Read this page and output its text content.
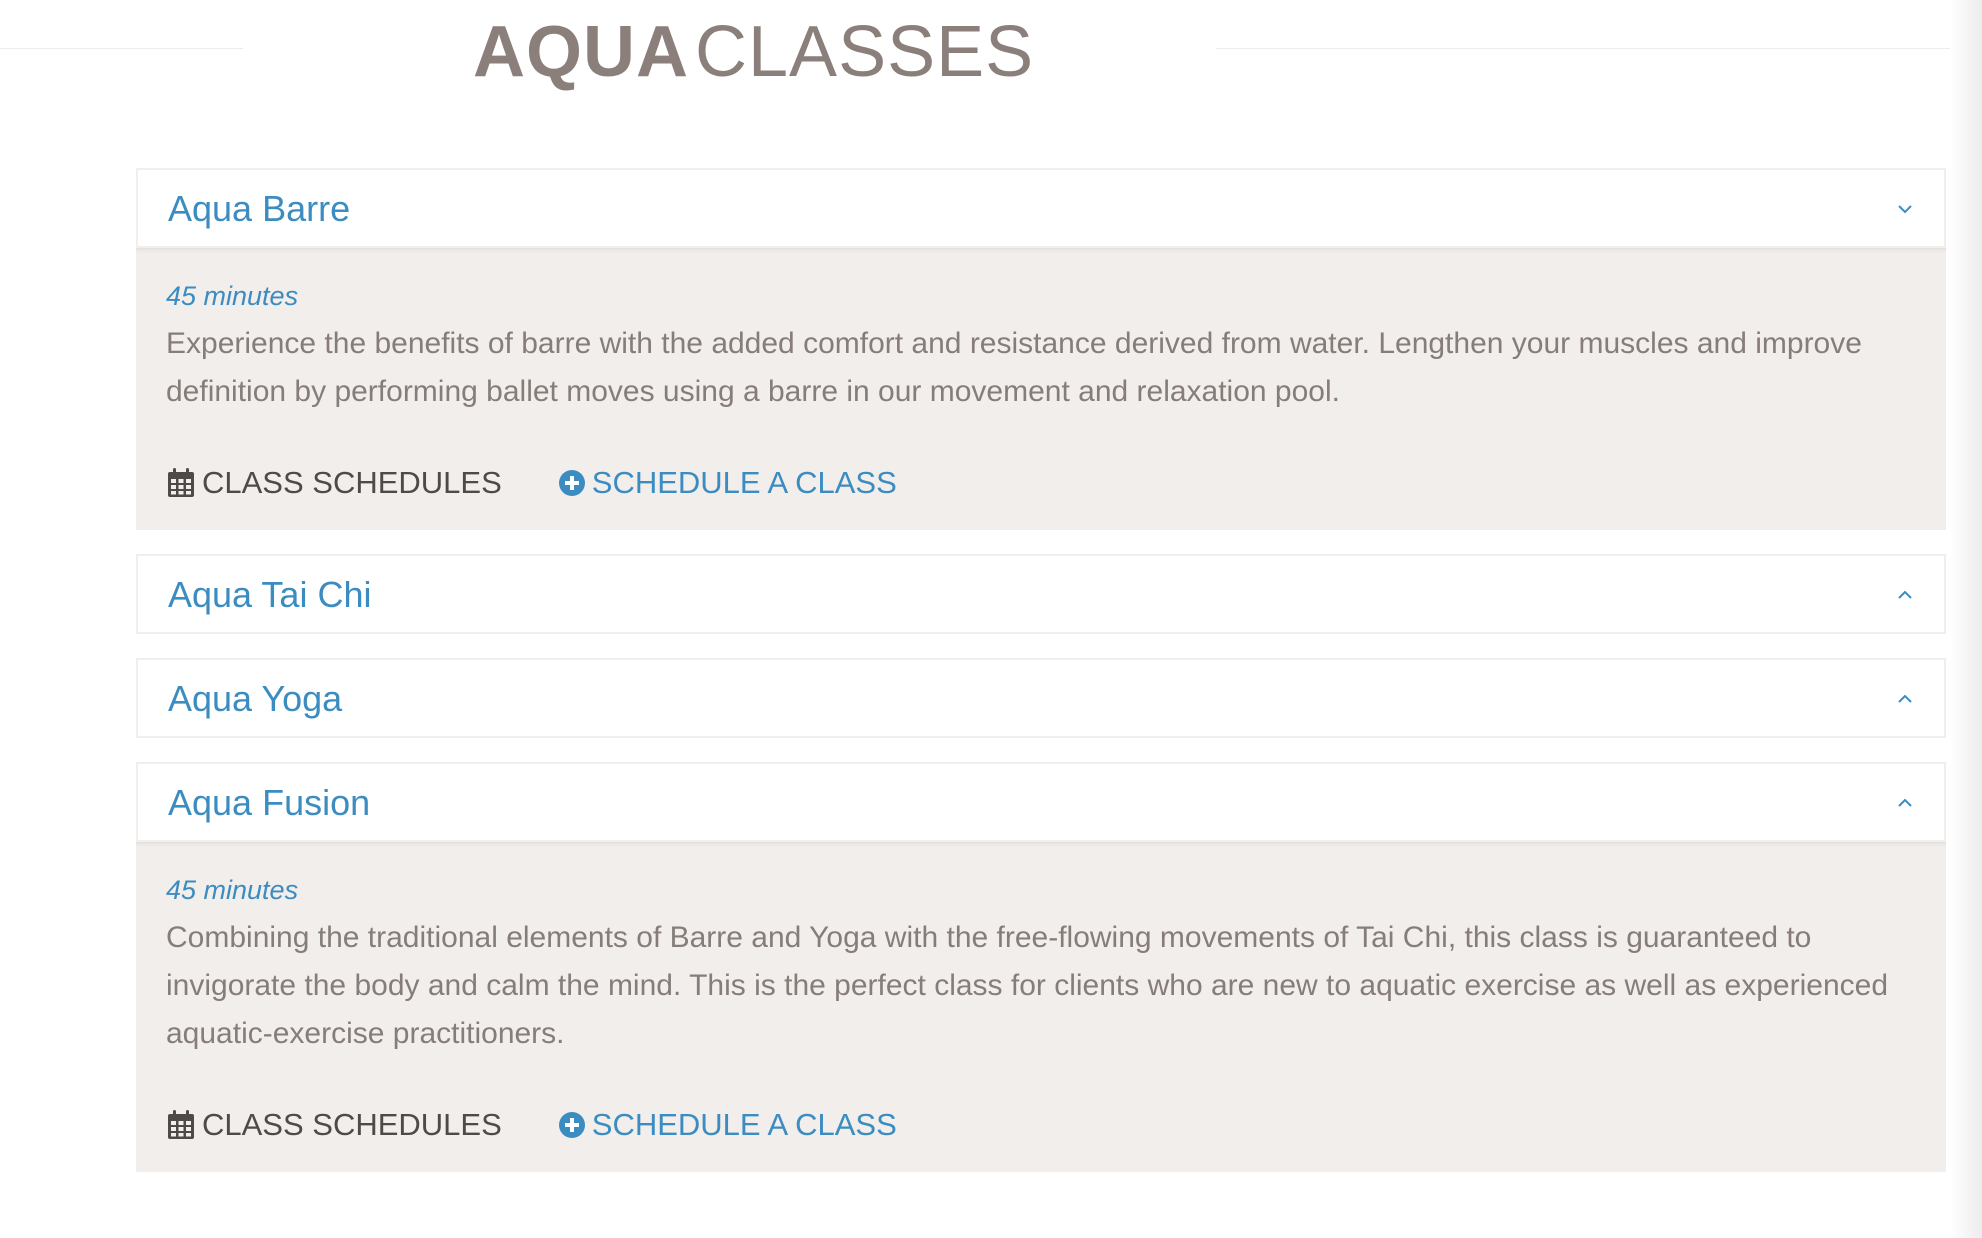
AQUACLASSES
Aqua Barre
45 minutes
Experience the benefits of barre with the added comfort and resistance derived from water. Lengthen your muscles and improve definition by performing ballet moves using a barre in our movement and relaxation pool.
CLASS SCHEDULES	SCHEDULE A CLASS
Aqua Tai Chi
Aqua Yoga
Aqua Fusion
45 minutes
Combining the traditional elements of Barre and Yoga with the free-flowing movements of Tai Chi, this class is guaranteed to invigorate the body and calm the mind. This is the perfect class for clients who are new to aquatic exercise as well as experienced aquatic-exercise practitioners.
CLASS SCHEDULES	SCHEDULE A CLASS
